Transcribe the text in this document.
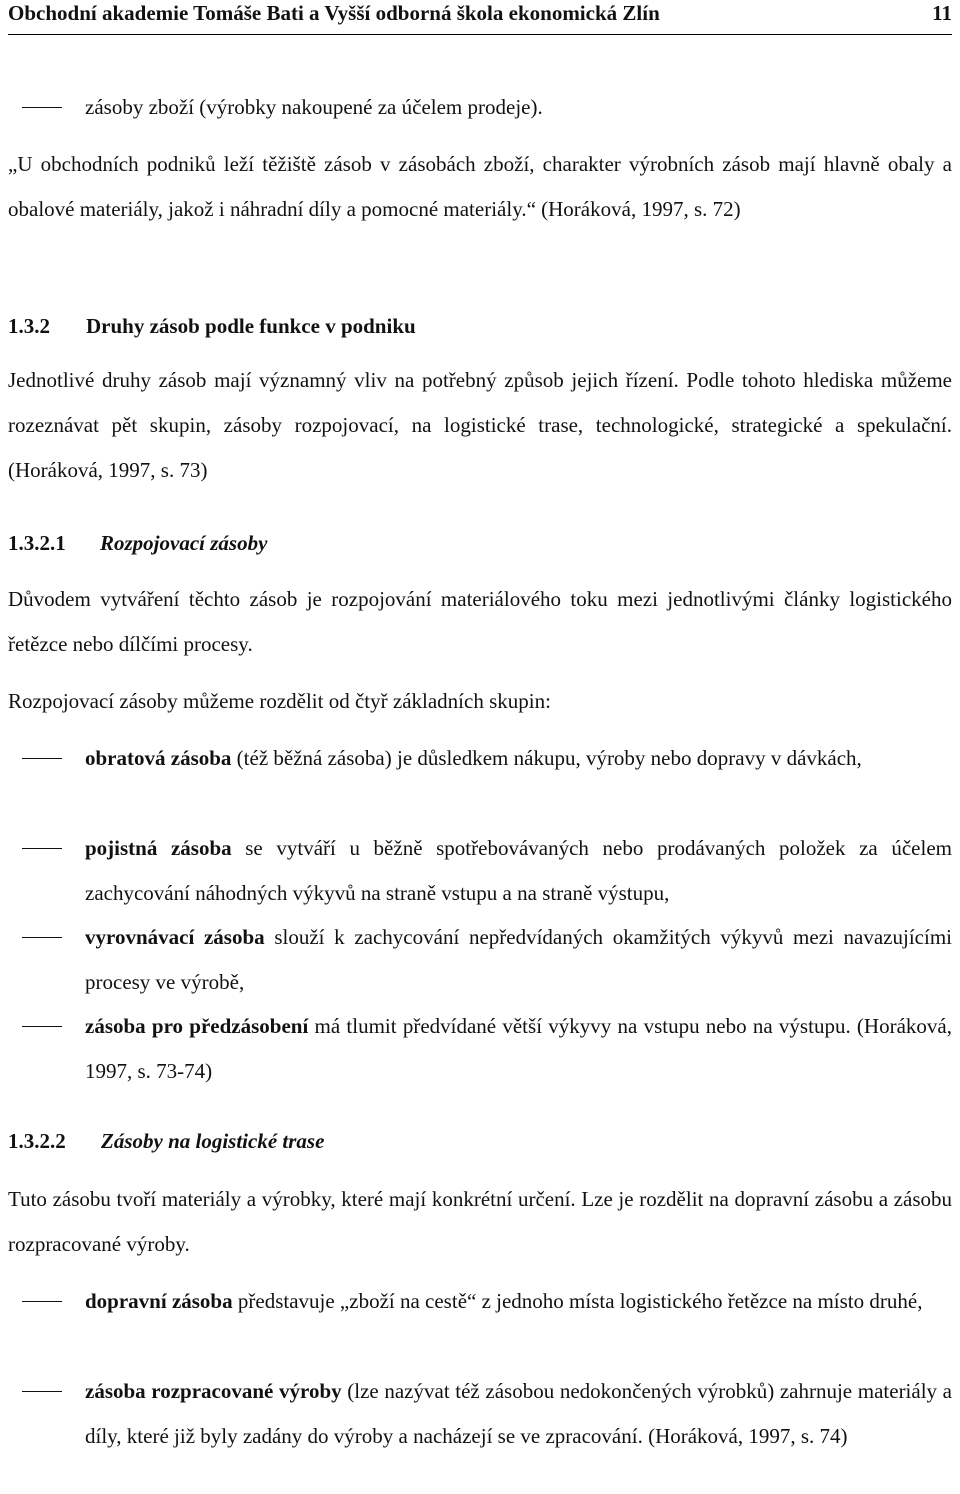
Obchodní akademie Tomáše Bati a Vyšší odborná škola ekonomická Zlín	11
zásoby zboží (výrobky nakoupené za účelem prodeje).
„U obchodních podniků leží těžiště zásob v zásobách zboží, charakter výrobních zásob mají hlavně obaly a obalové materiály, jakož i náhradní díly a pomocné materiály.“ (Horáková, 1997, s. 72)
1.3.2 Druhy zásob podle funkce v podniku
Jednotlivé druhy zásob mají významný vliv na potřebný způsob jejich řízení. Podle tohoto hlediska můžeme rozeznávat pět skupin, zásoby rozpojovací, na logistické trase, technologické, strategické a spekulační. (Horáková, 1997, s. 73)
1.3.2.1 Rozpojovací zásoby
Důvodem vytváření těchto zásob je rozpojování materiálového toku mezi jednotlivými články logistického řetězce nebo dílčími procesy.
Rozpojovací zásoby můžeme rozdělit od čtyř základních skupin:
obratová zásoba (též běžná zásoba) je důsledkem nákupu, výroby nebo dopravy v dávkách,
pojistná zásoba se vytváří u běžně spotřebovávaných nebo prodávaných položek za účelem zachycování náhodných výkyvů na straně vstupu a na straně výstupu,
vyrovnávací zásoba slouží k zachycování nepředvídaných okamžitých výkyvů mezi navazujícími procesy ve výrobě,
zásoba pro předzásobení má tlumit předvídané větší výkyvy na vstupu nebo na výstupu. (Horáková, 1997, s. 73-74)
1.3.2.2 Zásoby na logistické trase
Tuto zásobu tvoří materiály a výrobky, které mají konkrétní určení. Lze je rozdělit na dopravní zásobu a zásobu rozpracované výroby.
dopravní zásoba představuje „zboží na cestě“ z jednoho místa logistického řetězce na místo druhé,
zásoba rozpracované výroby (lze nazývat též zásobou nedokončených výrobků) zahrnuje materiály a díly, které již byly zadány do výroby a nacházejí se ve zpracování. (Horáková, 1997, s. 74)
